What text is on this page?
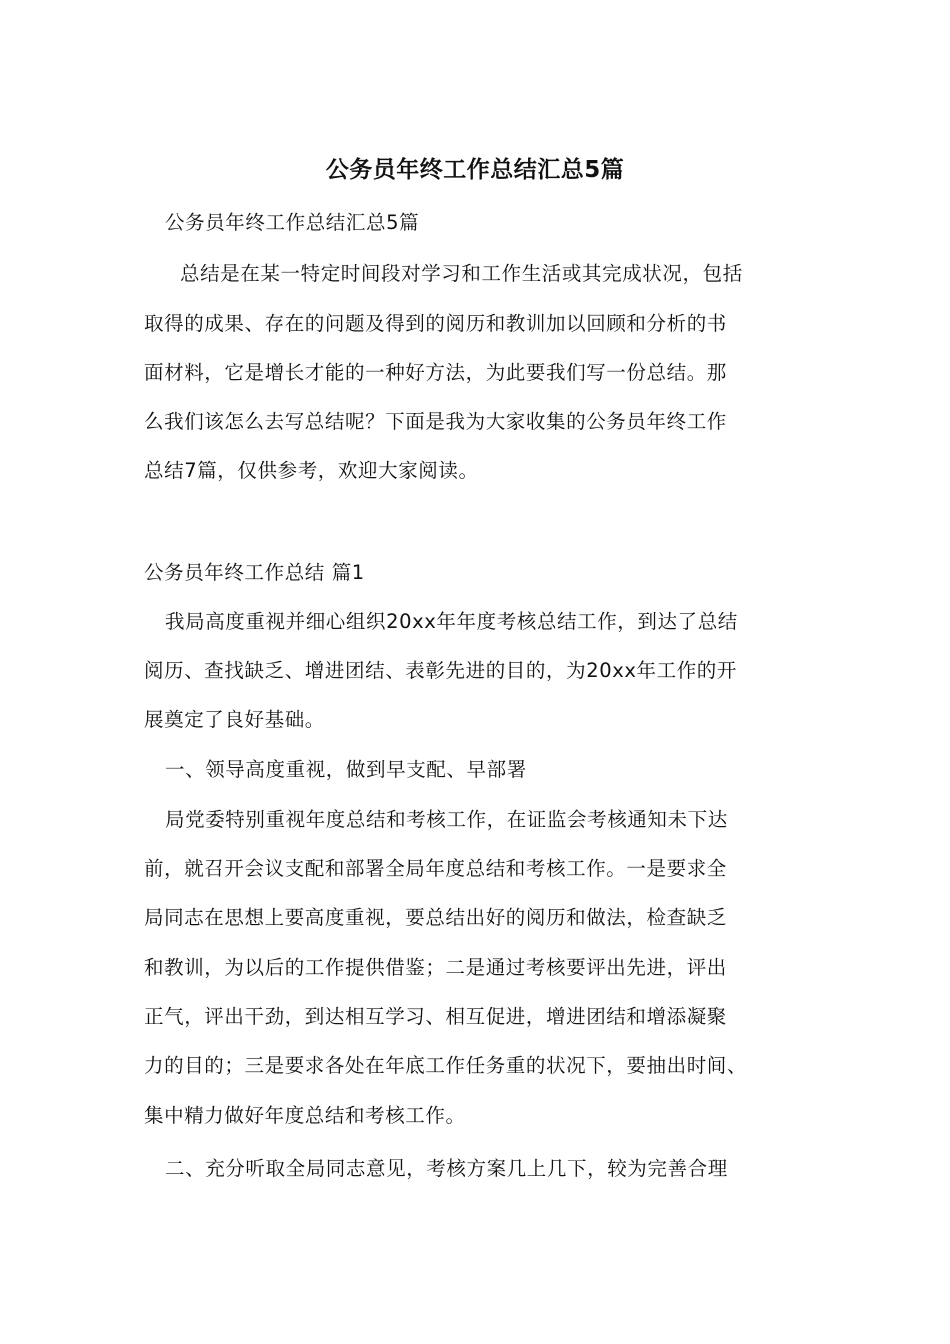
公务员年终工作总结汇总5篇
公务员年终工作总结汇总5篇
总结是在某一特定时间段对学习和工作生活或其完成状况，包括
取得的成果、存在的问题及得到的阅历和教训加以回顾和分析的书
面材料，它是增长才能的一种好方法，为此要我们写一份总结。那
么我们该怎么去写总结呢？下面是我为大家收集的公务员年终工作
总结7篇，仅供参考，欢迎大家阅读。
公务员年终工作总结 篇1
我局高度重视并细心组织20xx年年度考核总结工作，到达了总结
阅历、查找缺乏、增进团结、表彰先进的目的，为20xx年工作的开
展奠定了良好基础。
一、领导高度重视，做到早支配、早部署
局党委特别重视年度总结和考核工作，在证监会考核通知未下达
前，就召开会议支配和部署全局年度总结和考核工作。一是要求全
局同志在思想上要高度重视，要总结出好的阅历和做法，检查缺乏
和教训，为以后的工作提供借鉴；二是通过考核要评出先进，评出
正气，评出干劲，到达相互学习、相互促进，增进团结和增添凝聚
力的目的；三是要求各处在年底工作任务重的状况下，要抽出时间、
集中精力做好年度总结和考核工作。
二、充分听取全局同志意见，考核方案几上几下，较为完善合理
